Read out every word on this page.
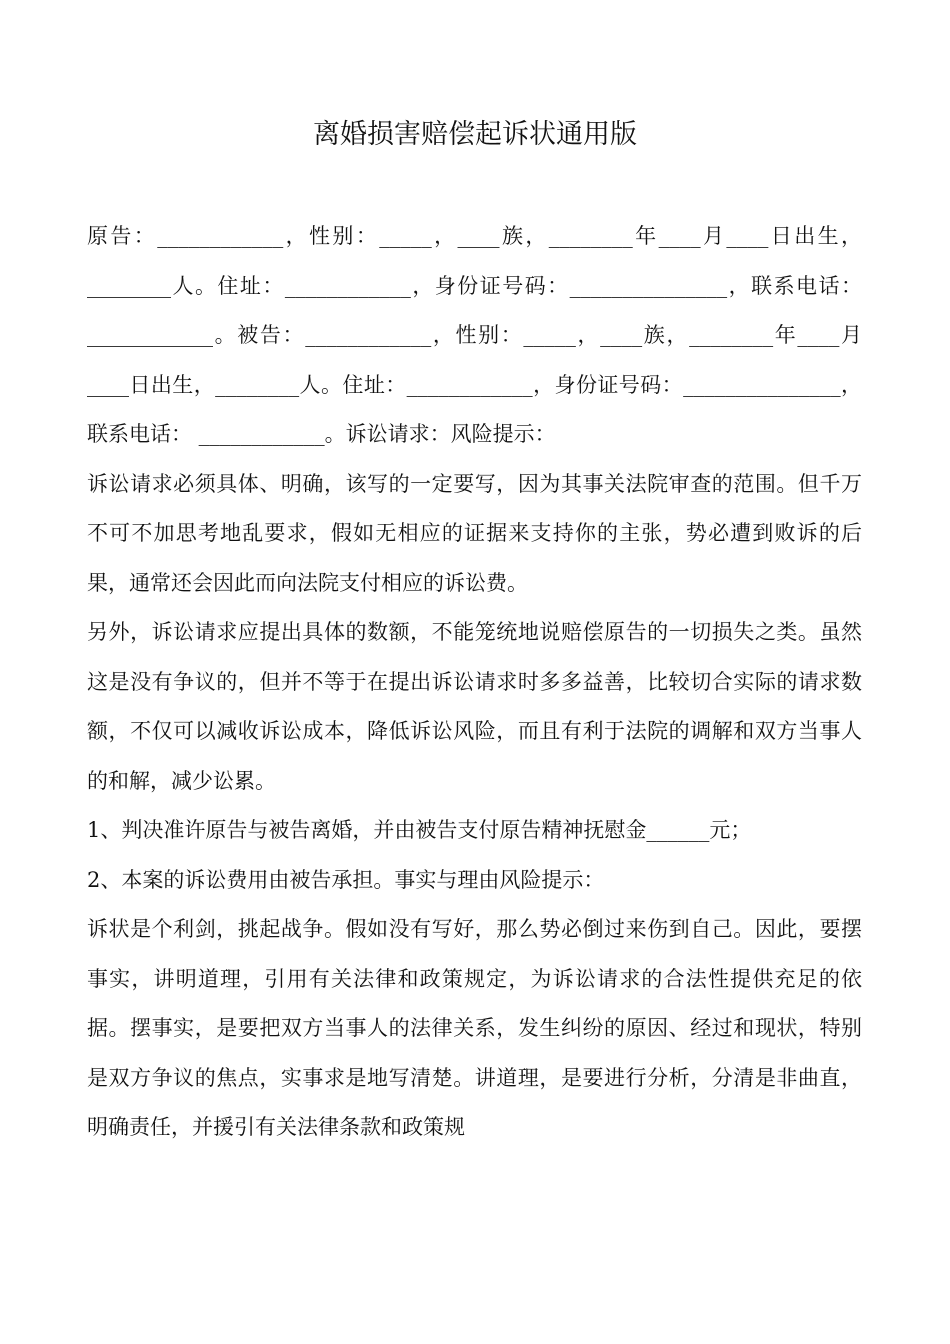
离婚损害赔偿起诉状通用版

原告：____________，性别：_____，____族，________年____月____日出生，________人。住址：____________，身份证号码：_______________，联系电话： ____________。被告：____________，性别：_____，____族，________年____月____日出生，________人。住址：____________，身份证号码：_______________，联系电话： ____________。诉讼请求：风险提示：

诉讼请求必须具体、明确，该写的一定要写，因为其事关法院审查的范围。但千万不可不加思考地乱要求，假如无相应的证据来支持你的主张，势必遭到败诉的后果，通常还会因此而向法院支付相应的诉讼费。

另外，诉讼请求应提出具体的数额，不能笼统地说赔偿原告的一切损失之类。虽然这是没有争议的，但并不等于在提出诉讼请求时多多益善，比较切合实际的请求数额，不仅可以减收诉讼成本，降低诉讼风险，而且有利于法院的调解和双方当事人的和解，减少讼累。

1、判决准许原告与被告离婚，并由被告支付原告精神抚慰金______元；

2、本案的诉讼费用由被告承担。事实与理由风险提示：

诉状是个利剑，挑起战争。假如没有写好，那么势必倒过来伤到自己。因此，要摆事实，讲明道理，引用有关法律和政策规定，为诉讼请求的合法性提供充足的依据。摆事实，是要把双方当事人的法律关系，发生纠纷的原因、经过和现状，特别是双方争议的焦点，实事求是地写清楚。讲道理，是要进行分析，分清是非曲直，明确责任，并援引有关法律条款和政策规
